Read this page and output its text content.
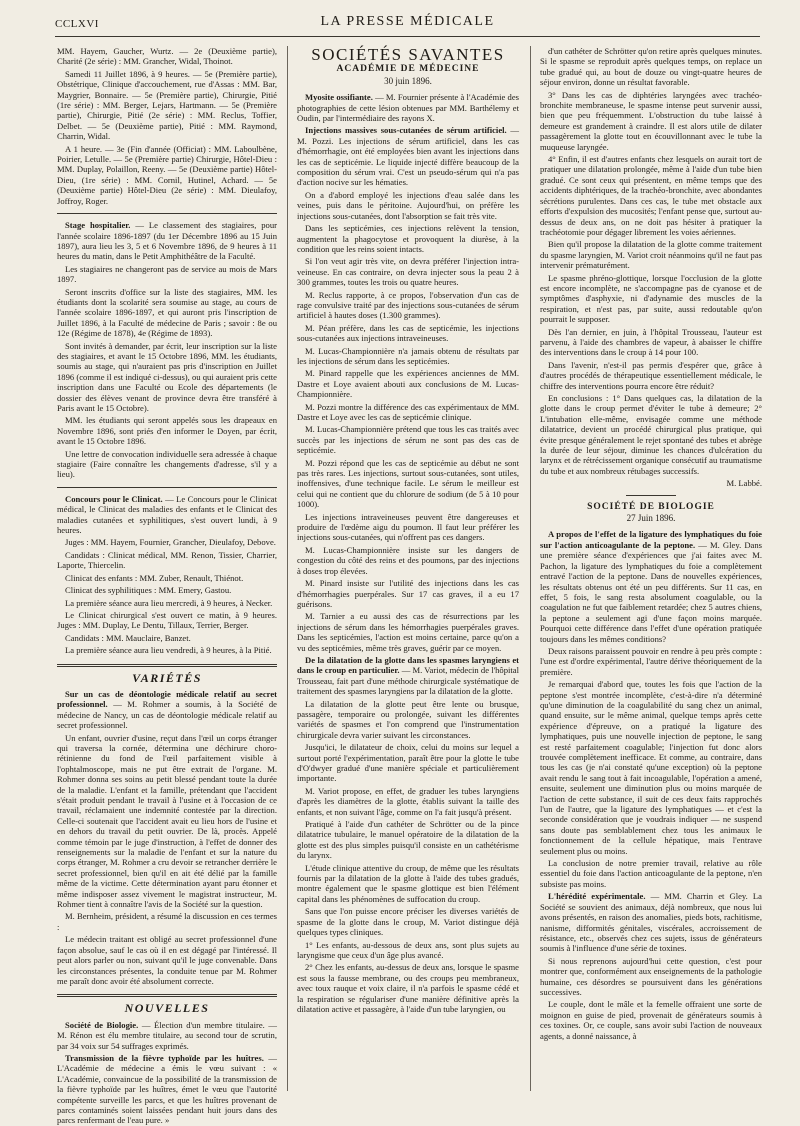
CCLXVI	LA PRESSE MÉDICALE

MM. Hayem, Gaucher, Wurtz. — 2e (Deuxième partie), Charité (2e série) : MM. Grancher, Widal, Thoinot.

Samedi 11 Juillet 1896, à 9 heures. — 5e (Première partie), Obstétrique, Clinique d'accouchement, rue d'Assas : MM. Bar, Maygrier, Bonnaire. — 5e (Première partie), Chirurgie, Pitié (1re série) : MM. Berger, Lejars, Hartmann. — 5e (Première partie), Chirurgie, Pitié (2e série) : MM. Reclus, Toffier, Delbet. — 5e (Deuxième partie), Pitié : MM. Raymond, Charrin, Widal.

A 1 heure. — 3e (Fin d'année (Officiat) : MM. Laboulbène, Poirier, Letulle. — 5e (Première partie) Chirurgie, Hôtel-Dieu : MM. Duplay, Polaillon, Reeny. — 5e (Deuxième partie) Hôtel-Dieu, (1re série) : MM. Cornil, Hutinel, Achard. — 5e (Deuxième partie) Hôtel-Dieu (2e série) : MM. Dieulafoy, Joffroy, Roger.

Stage hospitalier. — Le classement des stagiaires, pour l'année scolaire 1896-1897 (du 1er Décembre 1896 au 15 Juin 1897), aura lieu les 3, 5 et 6 Novembre 1896, de 9 heures à 11 heures du matin, dans le Petit Amphithéâtre de la Faculté.

Les stagiaires ne changeront pas de service au mois de Mars 1897.

Seront inscrits d'office sur la liste des stagiaires, MM. les étudiants dont la scolarité sera soumise au stage, au cours de l'année scolaire 1896-1897, et qui auront pris l'inscription de Juillet 1896, à la Faculté de médecine de Paris ; savoir : 8e ou 12e (Régime de 1878), 4e (Régime de 1893).

Sont invités à demander, par écrit, leur inscription sur la liste des stagiaires, et avant le 15 Octobre 1896, MM. les étudiants, soumis au stage, qui n'auraient pas pris d'inscription en Juillet 1896 (comme il est indiqué ci-dessus), ou qui auraient pris cette inscription dans une Faculté ou Ecole des départements (le dossier des élèves venant de province devra être transféré à Paris avant le 15 Octobre).

MM. les étudiants qui seront appelés sous les drapeaux en Novembre 1896, sont priés d'en informer le Doyen, par écrit, avant le 15 Octobre 1896.

Une lettre de convocation individuelle sera adressée à chaque stagiaire (Faire connaître les changements d'adresse, s'il y a lieu).

Concours pour le Clinicat. — Le Concours pour le Clinicat médical, le Clinicat des maladies des enfants et le Clinicat des maladies cutanées et syphilitiques, s'est ouvert lundi, à 9 heures.

Juges : MM. Hayem, Fournier, Grancher, Dieulafoy, Debove.

Candidats : Clinicat médical, MM. Renon, Tissier, Charrier, Laporte, Thiercelin.

Clinicat des enfants : MM. Zuber, Renault, Thiénot.

Clinicat des syphilitiques : MM. Emery, Gastou.

La première séance aura lieu mercredi, à 9 heures, à Necker.

Le Clinicat chirurgical s'est ouvert ce matin, à 9 heures. Juges : MM. Duplay, Le Dentu, Tillaux, Terrier, Berger.

Candidats : MM. Mauclaire, Banzet.

La première séance aura lieu vendredi, à 9 heures, à la Pitié.

VARIÉTÉS

Sur un cas de déontologie médicale relatif au secret professionnel. — M. Rohmer a soumis, à la Société de médecine de Nancy, un cas de déontologie médicale relatif au secret professionnel.

Un enfant, ouvrier d'usine, reçut dans l'œil un corps étranger qui traversa la cornée, détermina une déchirure choro-rétinienne du fond de l'œil parfaitement visible à l'ophtalmoscope, mais ne put être extrait de l'organe. M. Rohmer donna ses soins au petit blessé pendant toute la durée de la maladie. L'enfant et la famille, prétendant que l'accident s'était produit pendant le travail à l'usine et à l'occasion de ce travail, réclamaient une indemnité contestée par la direction. Celle-ci soutenait que l'accident avait eu lieu hors de l'usine et en dehors du travail du petit ouvrier. De là, procès. Appelé comme témoin par le juge d'instruction, à l'effet de donner des renseignements sur la maladie de l'enfant et sur la nature du corps étranger, M. Rohmer a cru devoir se retrancher derrière le secret professionnel, bien qu'il en ait été délié par la famille même de la victime. Cette détermination ayant paru étonner et même indisposer assez vivement le magistrat instructeur, M. Rohmer tient à connaître l'avis de la Société sur la question.

M. Bernheim, président, a résumé la discussion en ces termes :

Le médecin traitant est obligé au secret professionnel d'une façon absolue, sauf le cas où il en est dégagé par l'intéressé. Il peut alors parler ou non, suivant qu'il le juge convenable. Dans les circonstances présentes, la conduite tenue par M. Rohmer me paraît donc avoir été absolument correcte.

NOUVELLES

Société de Biologie. — Élection d'un membre titulaire. — M. Rénon est élu membre titulaire, au second tour de scrutin, par 34 voix sur 54 suffrages exprimés.

Transmission de la fièvre typhoïde par les huîtres. — L'Académie de médecine a émis le vœu suivant : « L'Académie, convaincue de la possibilité de la transmission de la fièvre typhoïde par les huîtres, émet le vœu que l'autorité compétente surveille les parcs, et que les huîtres provenant de parcs contaminés soient laissées pendant huit jours dans des parcs renfermant de l'eau pure. »

SOCIÉTÉS SAVANTES
ACADÉMIE DE MÉDECINE
30 juin 1896.

Myosite ossifiante. — M. Fournier présente à l'Académie des photographies de cette lésion obtenues par MM. Barthélemy et Oudin, par l'intermédiaire des rayons X.

Injections massives sous-cutanées de sérum artificiel. — M. Pozzi. Les injections de sérum artificiel, dans les cas d'hémorrhagie, ont été employées bien avant les injections dans les cas de septicémie. Le liquide injecté diffère beaucoup de la composition du sérum vrai. C'est un pseudo-sérum qui n'a pas d'action nocive sur les hématies.

On a d'abord employé les injections d'eau salée dans les veines, puis dans le péritoine. Aujourd'hui, on préfère les injections sous-cutanées, dont l'absorption se fait très vite.

Dans les septicémies, ces injections relèvent la tension, augmentent la phagocytose et provoquent la diurèse, à la condition que les reins soient intacts.

Si l'on veut agir très vite, on devra préférer l'injection intra-veineuse. En cas contraire, on devra injecter sous la peau 2 à 300 grammes, toutes les trois ou quatre heures.

M. Reclus rapporte, à ce propos, l'observation d'un cas de rage convulsive traité par des injections sous-cutanées de sérum artificiel à hautes doses (1.300 grammes).

M. Péan préfère, dans les cas de septicémie, les injections sous-cutanées aux injections intraveineuses.

M. Lucas-Championnière n'a jamais obtenu de résultats par les injections de sérum dans les septicémies.

M. Pinard rappelle que les expériences anciennes de MM. Dastre et Loye avaient abouti aux conclusions de M. Lucas-Championnière.

M. Pozzi montre la différence des cas expérimentaux de MM. Dastre et Loye avec les cas de septicémie clinique.

M. Lucas-Championnière prétend que tous les cas traités avec succès par les injections de sérum ne sont pas des cas de septicémie.

M. Pozzi répond que les cas de septicémie au début ne sont pas très rares. Les injections, surtout sous-cutanées, sont utiles, inoffensives, d'une technique facile. Le sérum le meilleur est celui qui ne contient que du chlorure de sodium (de 5 à 10 pour 1000).

Les injections intraveineuses peuvent être dangereuses et produire de l'œdème aigu du poumon. Il faut leur préférer les injections sous-cutanées, qui n'offrent pas ces dangers.

M. Lucas-Championnière insiste sur les dangers de congestion du côté des reins et des poumons, par des injections à doses trop élevées.

M. Pinard insiste sur l'utilité des injections dans les cas d'hémorrhagies puerpérales. Sur 17 cas graves, il a eu 17 guérisons.

M. Tarnier a eu aussi des cas de résurrections par les injections de sérum dans les hémorrhagies puerpérales graves. Dans les septicémies, l'action est moins certaine, parce qu'on a vu des septicémies, même très graves, guérir par ce moyen.

De la dilatation de la glotte dans les spasmes laryngiens et dans le croup en particulier. — M. Variot, médecin de l'hôpital Trousseau, fait part d'une méthode chirurgicale systématique de traitement des spasmes laryngiens par la dilatation de la glotte.

La dilatation de la glotte peut être lente ou brusque, passagère, temporaire ou prolongée, suivant les différentes variétés de spasmes et l'on comprend que l'instrumentation chirurgicale devra varier suivant les circonstances.

Jusqu'ici, le dilatateur de choix, celui du moins sur lequel a surtout porté l'expérimentation, paraît être pour la glotte le tube d'O'dwyer gradué d'une manière spéciale et particulièrement importante.

M. Variot propose, en effet, de graduer les tubes laryngiens d'après les diamètres de la glotte, établis suivant la taille des enfants, et non suivant l'âge, comme on l'a fait jusqu'à présent.

Pratiqué à l'aide d'un cathéter de Schrötter ou de la pince dilatatrice tubulaire, le manuel opératoire de la dilatation de la glotte est des plus simples puisqu'il consiste en un cathétérisme du larynx.

L'étude clinique attentive du croup, de même que les résultats fournis par la dilatation de la glotte à l'aide des tubes gradués, montre également que le spasme glottique est bien l'élément capital dans les phénomènes de suffocation du croup.

Sans que l'on puisse encore préciser les diverses variétés de spasme de la glotte dans le croup, M. Variot distingue déjà quelques types cliniques.

1° Les enfants, au-dessous de deux ans, sont plus sujets au laryngisme que ceux d'un âge plus avancé.

2° Chez les enfants, au-dessus de deux ans, lorsque le spasme est sous la fausse membrane, ou des croups peu membraneux, avec toux rauque et voix claire, il n'a parfois le spasme cédé et la respiration se régulariser d'une manière définitive après la dilatation active et passagère, à l'aide d'un tube laryngien, ou

d'un cathéter de Schrötter qu'on retire après quelques minutes. Si le spasme se reproduit après quelques temps, on replace un tube gradué qui, au bout de douze ou vingt-quatre heures de séjour environ, donne un résultat favorable.

3° Dans les cas de diphtéries laryngées avec trachéo-bronchite membraneuse, le spasme intense peut survenir aussi, bien que peu fréquemment. L'obstruction du tube laissé à demeure est grandement à craindre. Il est alors utile de dilater passagèrement la glotte tout en écouvillonnant avec le tube la muqueuse laryngée.

4° Enfin, il est d'autres enfants chez lesquels on aurait tort de pratiquer une dilatation prolongée, même à l'aide d'un tube bien gradué. Ce sont ceux qui présentent, en même temps que des accidents diphtériques, de la trachéo-bronchite, avec abondantes sécrétions purulentes. Dans ces cas, le tube met obstacle aux efforts d'expulsion des mucosités; l'enfant pense que, surtout au-dessus de deux ans, on ne doit pas hésiter à pratiquer la trachéotomie pour dégager librement les voies aériennes.

Bien qu'il propose la dilatation de la glotte comme traitement du spasme laryngien, M. Variot croit néanmoins qu'il ne faut pas intervenir prématurément.

Le spasme phréno-glottique, lorsque l'occlusion de la glotte est encore incomplète, ne s'accompagne pas de cyanose et de symptômes d'asphyxie, ni d'adynamie des muscles de la respiration, et n'est pas, par suite, aussi redoutable qu'on pourrait le supposer.

Dès l'an dernier, en juin, à l'hôpital Trousseau, l'auteur est parvenu, à l'aide des chambres de vapeur, à abaisser le chiffre des interventions dans le croup à 14 pour 100.

Dans l'avenir, n'est-il pas permis d'espérer que, grâce à d'autres procédés de thérapeutique essentiellement médicale, le chiffre des interventions pourra encore être réduit?

En conclusions : 1° Dans quelques cas, la dilatation de la glotte dans le croup permet d'éviter le tube à demeure; 2° L'intubation elle-même, envisagée comme une méthode dilatatrice, devient un procédé chirurgical plus pratique, qui évite presque généralement le rejet spontané des tubes et abrège la durée de leur séjour, diminue les chances d'ulcération du larynx et de rétrécissement organique consécutif au traumatisme du tube et aux nombreux rétubages successifs.

M. Labbé.
SOCIÉTÉ DE BIOLOGIE
27 Juin 1896.

A propos de l'effet de la ligature des lymphatiques du foie sur l'action anticoagulante de la peptone. — M. Gley. Dans une première séance d'expériences que j'ai faites avec M. Pachon, la ligature des lymphatiques du foie a complètement entravé l'action de la peptone. Dans de nouvelles expériences, les résultats obtenus ont été un peu différents. Sur 11 cas, en effet, 5 fois, le sang resta absolument coagulable, ou la coagulation ne fut que faiblement retardée; chez 5 autres chiens, la peptone a seulement agi d'une façon moins marquée. Pourquoi cette différence dans l'effet d'une opération pratiquée toujours dans les mêmes conditions?

Deux raisons paraissent pouvoir en rendre à peu près compte : l'une est d'ordre expérimental, l'autre dérive théoriquement de la première.

Je remarquai d'abord que, toutes les fois que l'action de la peptone s'est montrée incomplète, c'est-à-dire n'a déterminé qu'une diminution de la coagulabilité du sang chez un animal, quand ensuite, sur le même animal, quelque temps après cette expérience d'épreuve, on a pratiqué la ligature des lymphatiques, puis une nouvelle injection de peptone, le sang est resté parfaitement coagulable; l'injection fut donc alors trouvée complètement inefficace. Et comme, au contraire, dans tous les cas (je n'ai constaté qu'une exception) où la peptone avait rendu le sang tout à fait incoagulable, l'opération a amené, ensuite, seulement une diminution plus ou moins marquée de l'action de cette substance, il suit de ces deux faits rapprochés l'un de l'autre, que la ligature des lymphatiques — et c'est la seconde considération que je voudrais indiquer — ne suspend sans doute pas semblablement chez tous les animaux le fonctionnement de la cellule hépatique, mais l'entrave seulement plus ou moins.

La conclusion de notre premier travail, relative au rôle essentiel du foie dans l'action anticoagulante de la peptone, n'en subsiste pas moins.

L'hérédité expérimentale. — MM. Charrin et Gley. La Société se souvient des animaux, déjà nombreux, que nous lui avons présentés, en raison des anomalies, pieds bots, rachitisme, nanisme, difformités génitales, viscérales, accroissement de résistance, etc., observés chez ces sujets, issus de générateurs soumis à l'influence d'une série de toxines.

Si nous reprenons aujourd'hui cette question, c'est pour montrer que, conformément aux enseignements de la pathologie humaine, ces désordres se poursuivent dans les générations successives.

Le couple, dont le mâle et la femelle offraient une sorte de moignon en guise de pied, provenait de générateurs soumis à ces toxines. Or, ce couple, sans avoir subi l'action de nouveaux agents, a donné naissance, à
